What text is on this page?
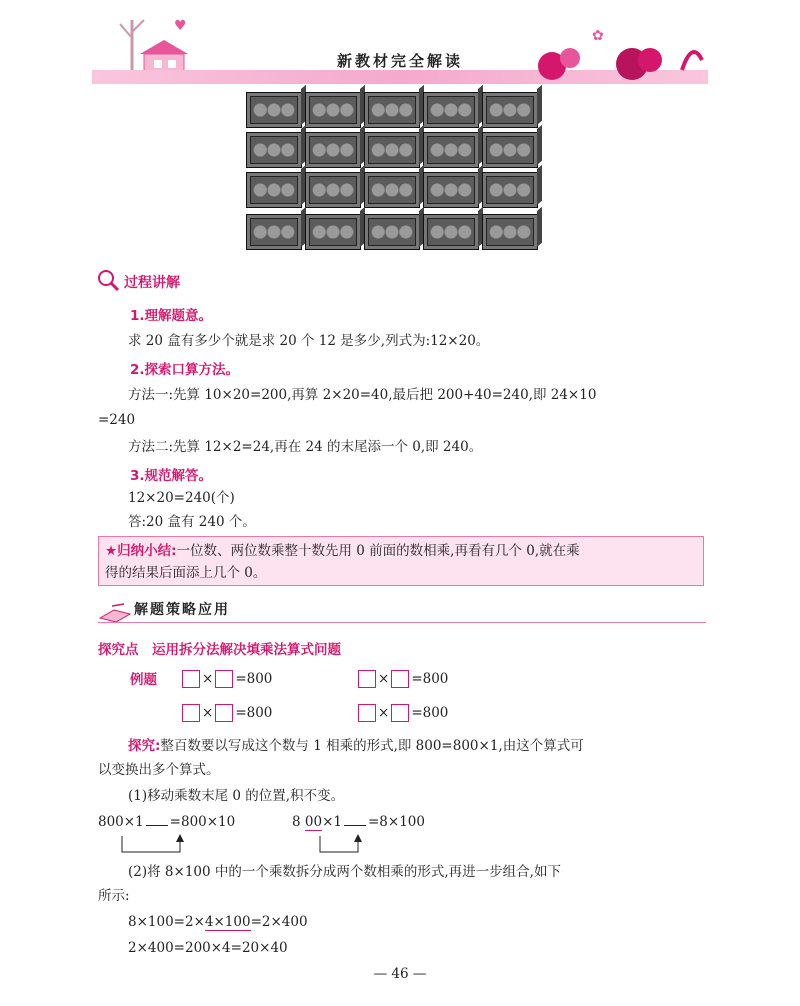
♥
新教材完全解读
✿
过程讲解
1.理解题意。
求 20 盒有多少个就是求 20 个 12 是多少,列式为:12×20。
2.探索口算方法。
方法一:先算 10×20=200,再算 2×20=40,最后把 200+40=240,即 24×10
=240
方法二:先算 12×2=24,再在 24 的末尾添一个 0,即 240。
3.规范解答。
12×20=240(个)
答:20 盒有 240 个。
★归纳小结:一位数、两位数乘整十数先用 0 前面的数相乘,再看有几个 0,就在乘
得的结果后面添上几个 0。
解题策略应用
探究点　运用拆分法解决填乘法算式问题
例题	× =800	× =800
× =800	× =800
探究:整百数要以写成这个数与 1 相乘的形式,即 800=800×1,由这个算式可
以变换出多个算式。
(1)移动乘数末尾 0 的位置,积不变。
800×1 =800×10	8 00×1 =8×100
(2)将 8×100 中的一个乘数拆分成两个数相乘的形式,再进一步组合,如下
所示:
8×100=2×4×100=2×400
2×400=200×4=20×40
— 46 —
